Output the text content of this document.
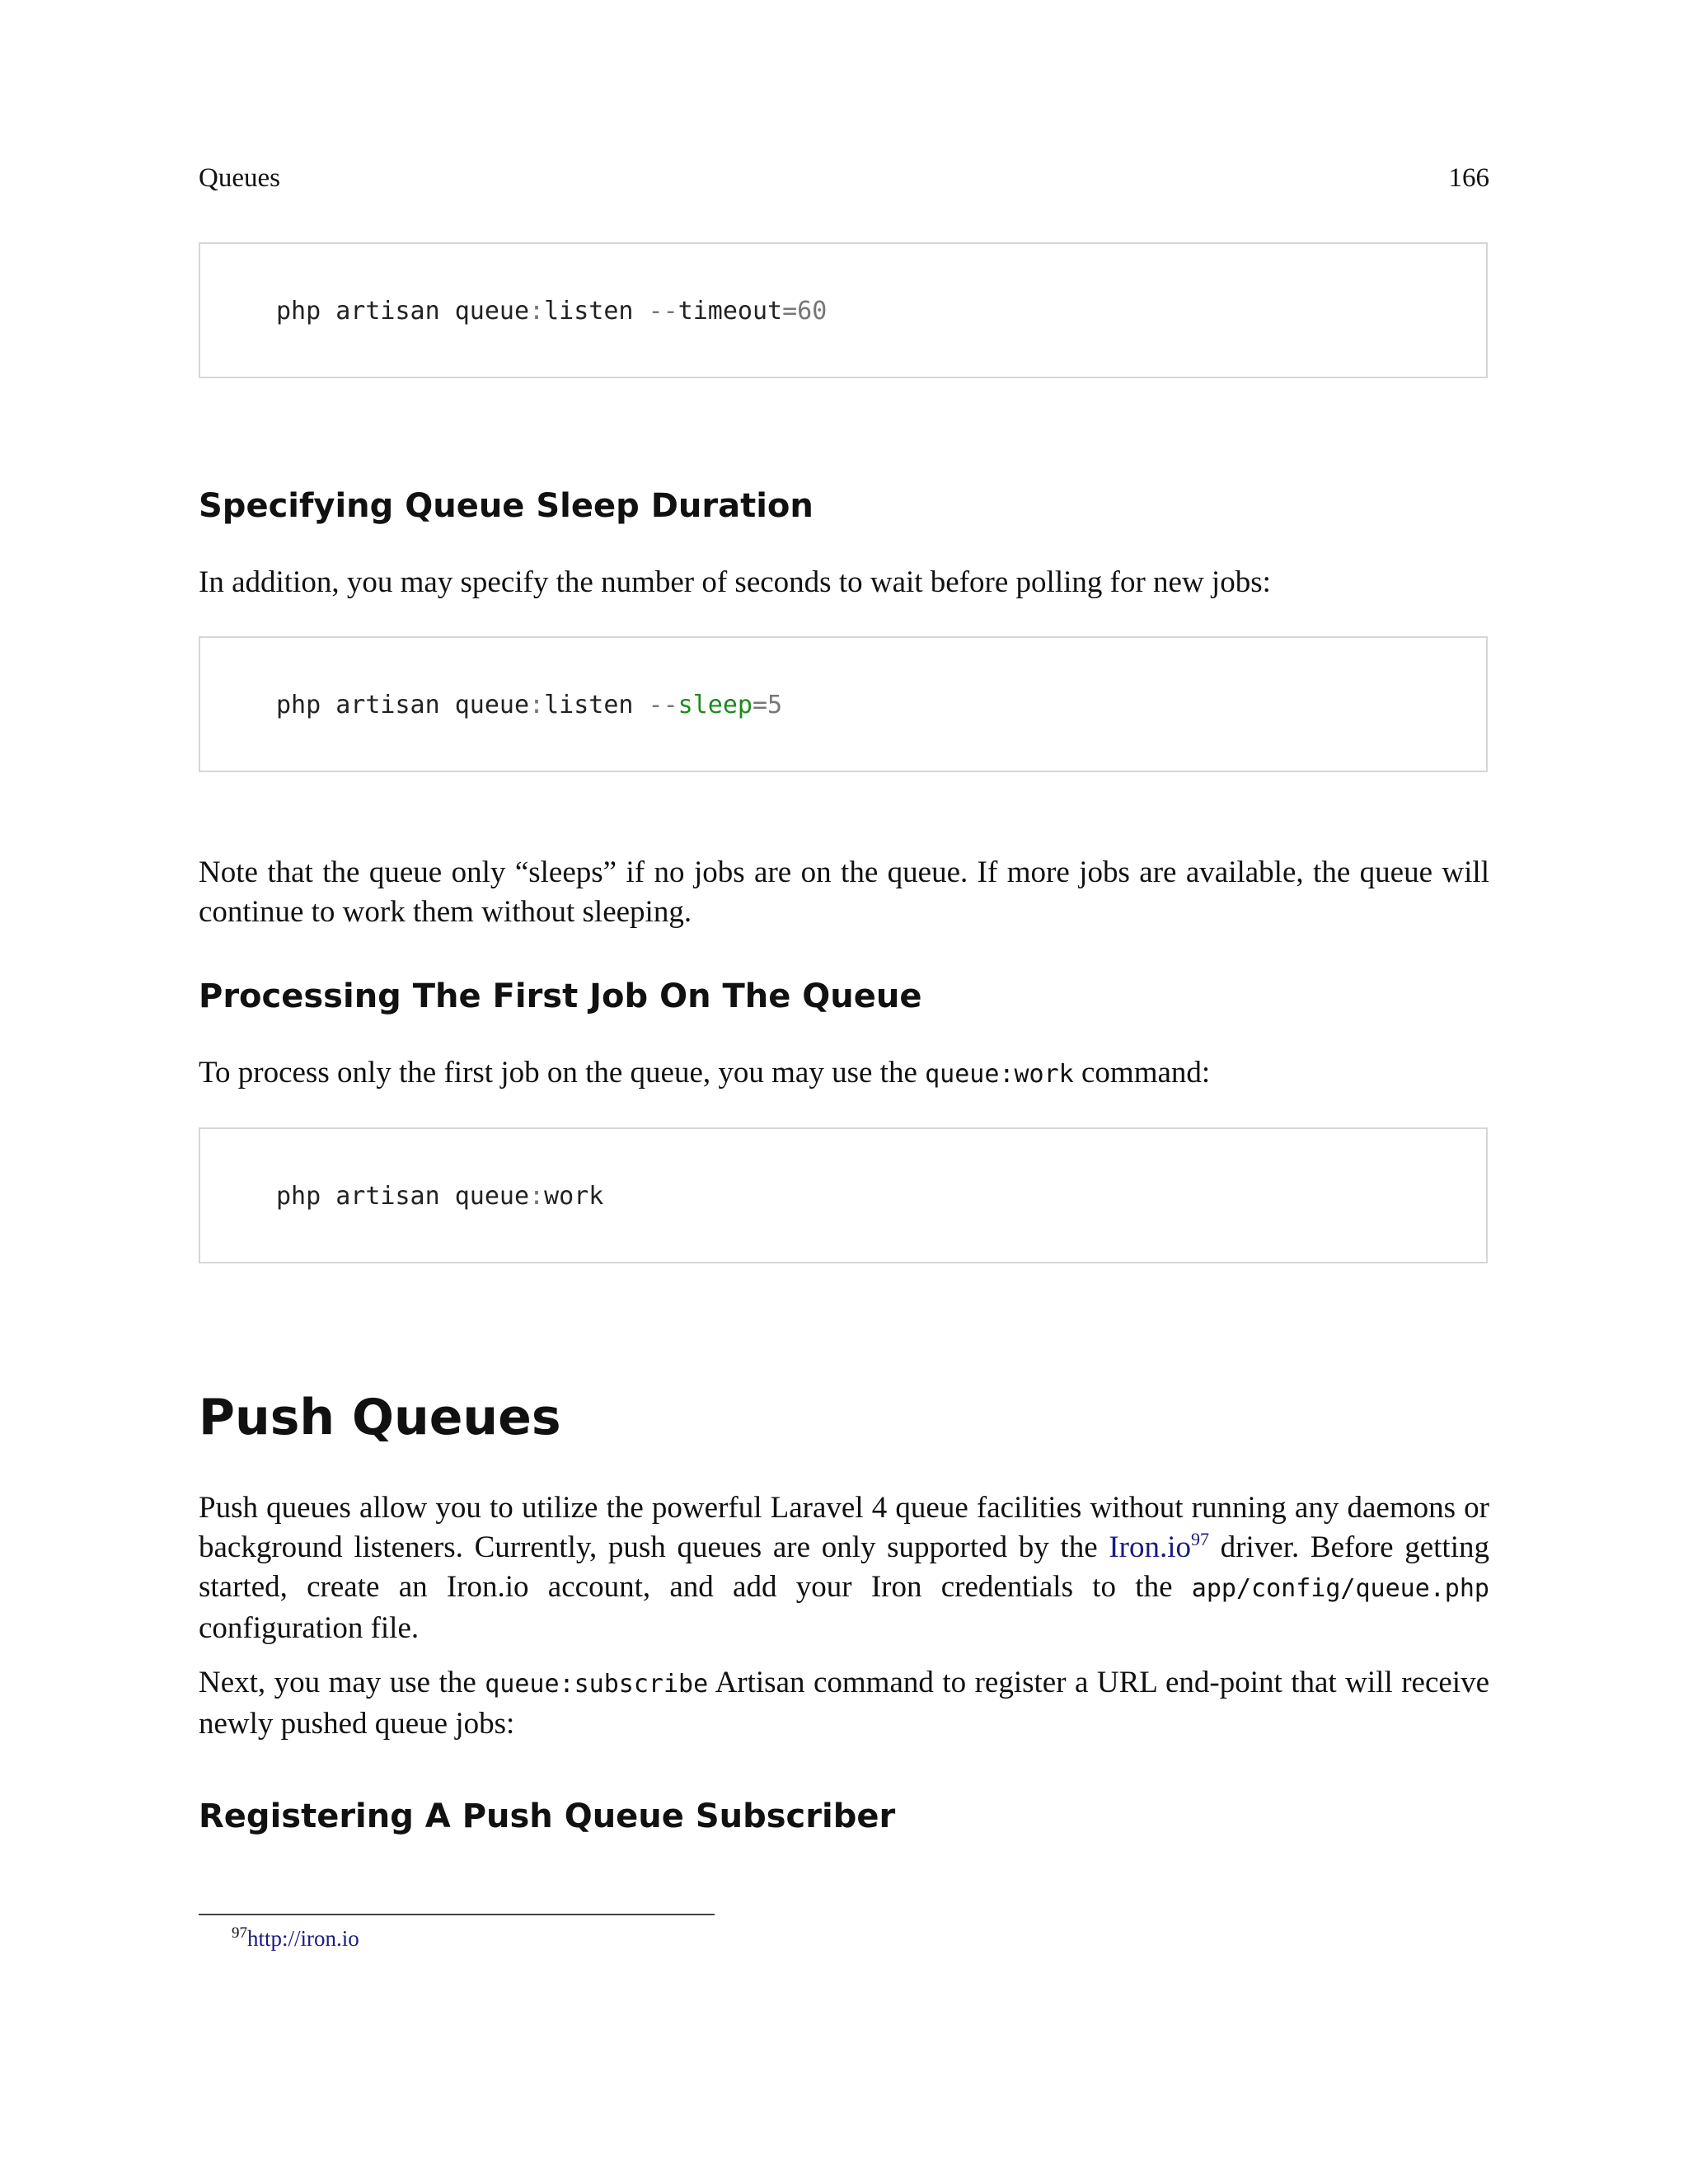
Queues	166
php artisan queue:listen --timeout=60
Specifying Queue Sleep Duration

In addition, you may specify the number of seconds to wait before polling for new jobs:

php artisan queue:listen --sleep=5

Note that the queue only “sleeps” if no jobs are on the queue. If more jobs are available, the queue will continue to work them without sleeping.

Processing The First Job On The Queue

To process only the first job on the queue, you may use the queue:work command:

php artisan queue:work
Push Queues

Push queues allow you to utilize the powerful Laravel 4 queue facilities without running any daemons or background listeners. Currently, push queues are only supported by the $Iron.io^{97}$ driver. Before getting started, create an Iron.io account, and add your Iron credentials to the app/config/queue.php configuration file.

Next, you may use the queue:subscribe Artisan command to register a URL end-point that will receive newly pushed queue jobs:

Registering A Push Queue Subscriber
$^{97}$http://iron.io
